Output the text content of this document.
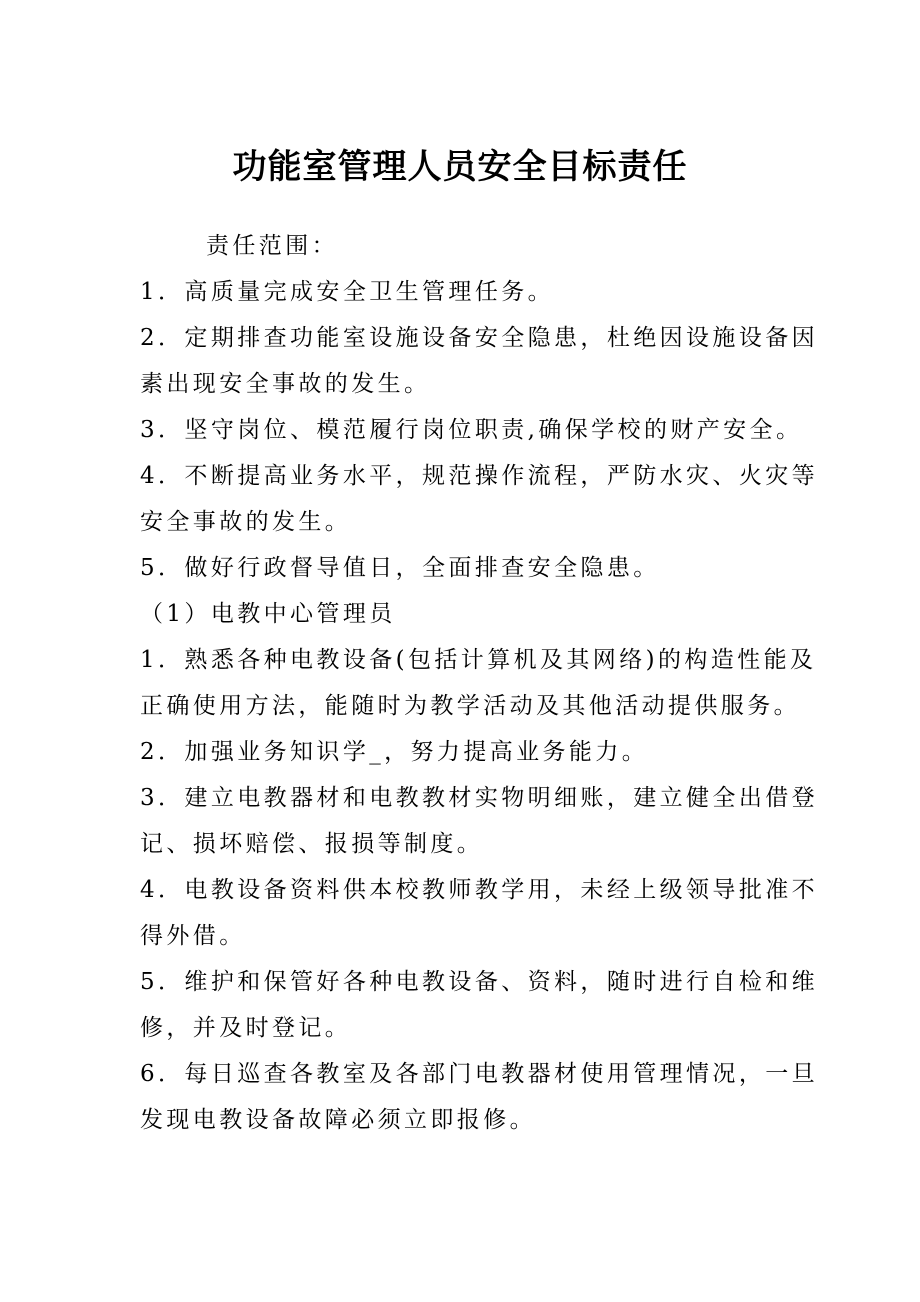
功能室管理人员安全目标责任
责任范围：
1．高质量完成安全卫生管理任务。
2．定期排查功能室设施设备安全隐患，杜绝因设施设备因
素出现安全事故的发生。
3．坚守岗位、模范履行岗位职责,确保学校的财产安全。
4．不断提高业务水平，规范操作流程，严防水灾、火灾等
安全事故的发生。
5．做好行政督导值日，全面排查安全隐患。
（1）电教中心管理员
1．熟悉各种电教设备(包括计算机及其网络)的构造性能及
正确使用方法，能随时为教学活动及其他活动提供服务。
2．加强业务知识学_，努力提高业务能力。
3．建立电教器材和电教教材实物明细账，建立健全出借登
记、损坏赔偿、报损等制度。
4．电教设备资料供本校教师教学用，未经上级领导批准不
得外借。
5．维护和保管好各种电教设备、资料，随时进行自检和维
修，并及时登记。
6．每日巡查各教室及各部门电教器材使用管理情况，一旦
发现电教设备故障必须立即报修。
